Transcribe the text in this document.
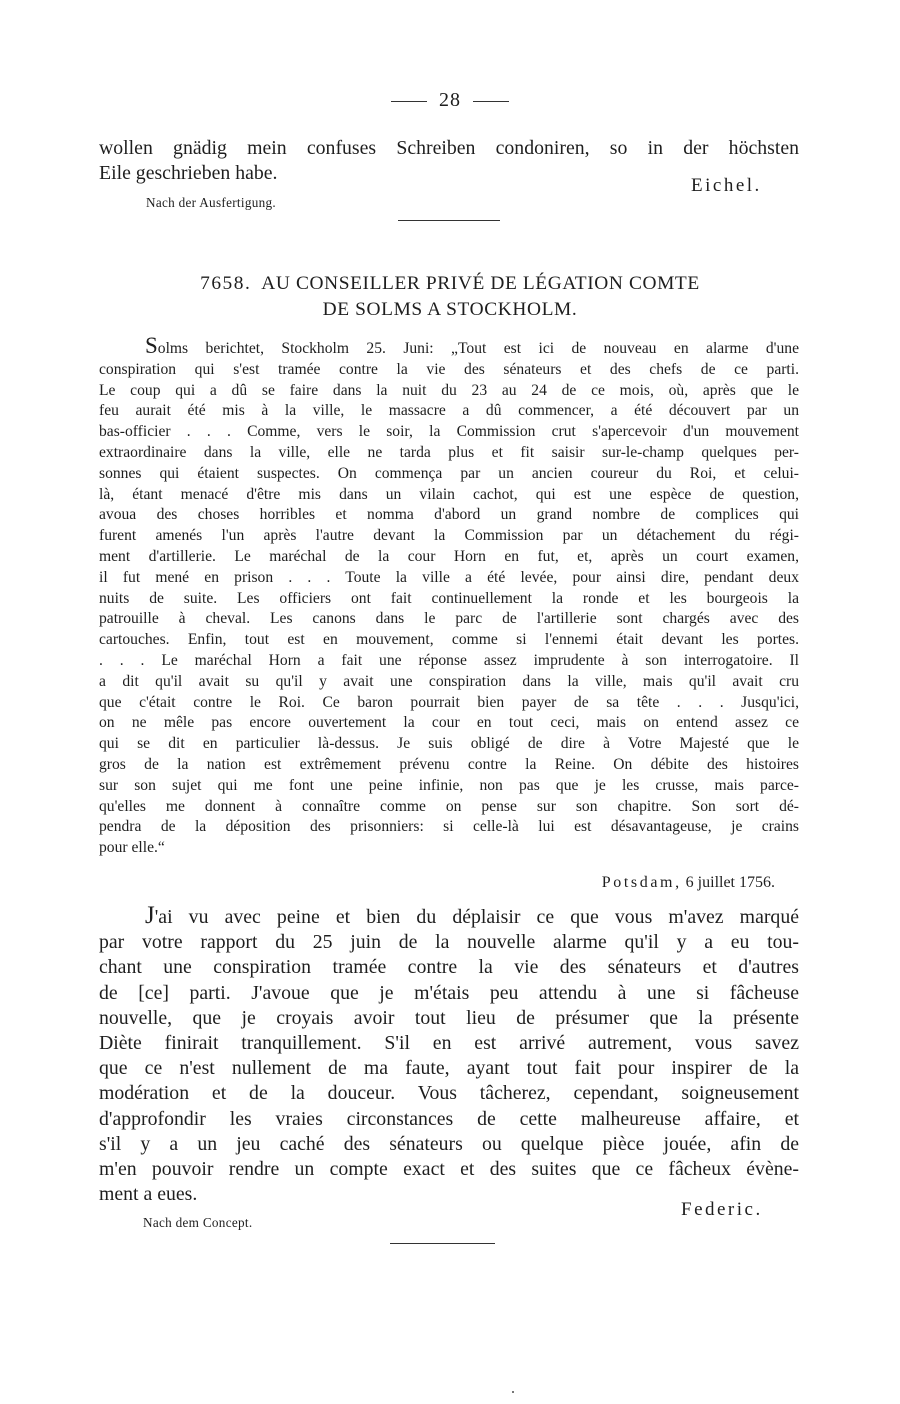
28
wollen gnädig mein confuses Schreiben condoniren, so in der höchsten
Eile geschrieben habe.
Eichel.
Nach der Ausfertigung.
7658. AU CONSEILLER PRIVÉ DE LÉGATION COMTE
DE SOLMS A STOCKHOLM.
Solms berichtet, Stockholm 25. Juni: „Tout est ici de nouveau en alarme d'une
conspiration qui s'est tramée contre la vie des sénateurs et des chefs de ce parti.
Le coup qui a dû se faire dans la nuit du 23 au 24 de ce mois, où, après que le
feu aurait été mis à la ville, le massacre a dû commencer, a été découvert par un
bas-officier . . . Comme, vers le soir, la Commission crut s'apercevoir d'un mouvement
extraordinaire dans la ville, elle ne tarda plus et fit saisir sur-le-champ quelques per-
sonnes qui étaient suspectes. On commença par un ancien coureur du Roi, et celui-
là, étant menacé d'être mis dans un vilain cachot, qui est une espèce de question,
avoua des choses horribles et nomma d'abord un grand nombre de complices qui
furent amenés l'un après l'autre devant la Commission par un détachement du régi-
ment d'artillerie. Le maréchal de la cour Horn en fut, et, après un court examen,
il fut mené en prison . . . Toute la ville a été levée, pour ainsi dire, pendant deux
nuits de suite. Les officiers ont fait continuellement la ronde et les bourgeois la
patrouille à cheval. Les canons dans le parc de l'artillerie sont chargés avec des
cartouches. Enfin, tout est en mouvement, comme si l'ennemi était devant les portes.
. . . Le maréchal Horn a fait une réponse assez imprudente à son interrogatoire. Il
a dit qu'il avait su qu'il y avait une conspiration dans la ville, mais qu'il avait cru
que c'était contre le Roi. Ce baron pourrait bien payer de sa tête . . . Jusqu'ici,
on ne mêle pas encore ouvertement la cour en tout ceci, mais on entend assez ce
qui se dit en particulier là-dessus. Je suis obligé de dire à Votre Majesté que le
gros de la nation est extrêmement prévenu contre la Reine. On débite des histoires
sur son sujet qui me font une peine infinie, non pas que je les crusse, mais parce-
qu'elles me donnent à connaître comme on pense sur son chapitre. Son sort dé-
pendra de la déposition des prisonniers: si celle-là lui est désavantageuse, je crains
pour elle.“
Potsdam, 6 juillet 1756.
J'ai vu avec peine et bien du déplaisir ce que vous m'avez marqué
par votre rapport du 25 juin de la nouvelle alarme qu'il y a eu tou-
chant une conspiration tramée contre la vie des sénateurs et d'autres
de [ce] parti. J'avoue que je m'étais peu attendu à une si fâcheuse
nouvelle, que je croyais avoir tout lieu de présumer que la présente
Diète finirait tranquillement. S'il en est arrivé autrement, vous savez
que ce n'est nullement de ma faute, ayant tout fait pour inspirer de la
modération et de la douceur. Vous tâcherez, cependant, soigneusement
d'approfondir les vraies circonstances de cette malheureuse affaire, et
s'il y a un jeu caché des sénateurs ou quelque pièce jouée, afin de
m'en pouvoir rendre un compte exact et des suites que ce fâcheux évène-
ment a eues.
Federic.
Nach dem Concept.
